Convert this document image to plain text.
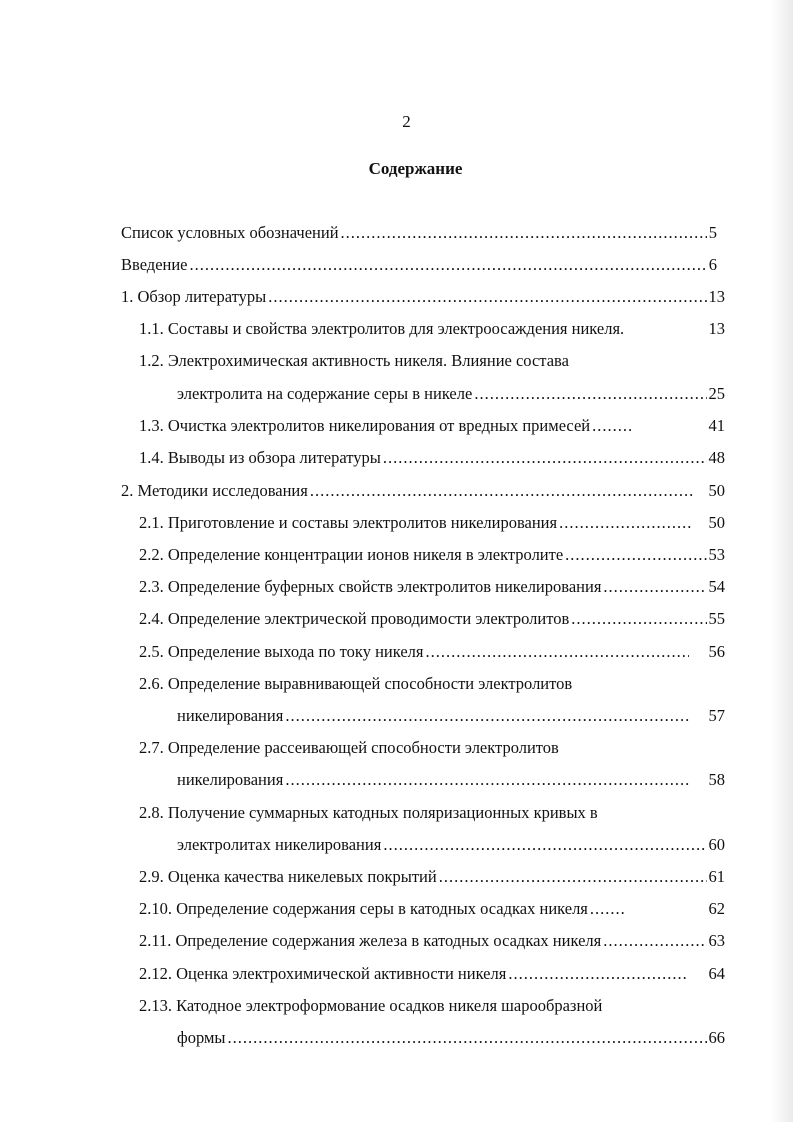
2
Содержание
Список условных обозначений .....	5
Введение .....	6
1. Обзор литературы .....	13
1.1. Составы и свойства электролитов для электроосаждения никеля.	13
1.2. Электрохимическая активность никеля. Влияние состава
электролита на содержание серы в никеле .....	25
1.3. Очистка электролитов никелирования от вредных примесей .....	41
1.4. Выводы из обзора литературы .....	48
2. Методики исследования .....	50
2.1. Приготовление и составы электролитов никелирования .....	50
2.2. Определение концентрации ионов никеля в электролите .....	53
2.3. Определение буферных свойств электролитов никелирования .....	54
2.4. Определение электрической проводимости электролитов .....	55
2.5. Определение выхода по току никеля .....	56
2.6. Определение выравнивающей способности электролитов
никелирования .....	57
2.7. Определение рассеивающей способности электролитов
никелирования .....	58
2.8. Получение суммарных катодных поляризационных кривых в
электролитах никелирования .....	60
2.9. Оценка качества никелевых покрытий .....	61
2.10. Определение содержания серы в катодных осадках никеля .....	62
2.11. Определение содержания железа в катодных осадках никеля .....	63
2.12. Оценка электрохимической активности никеля .....	64
2.13. Катодное электроформование осадков никеля шарообразной
формы .....	66
